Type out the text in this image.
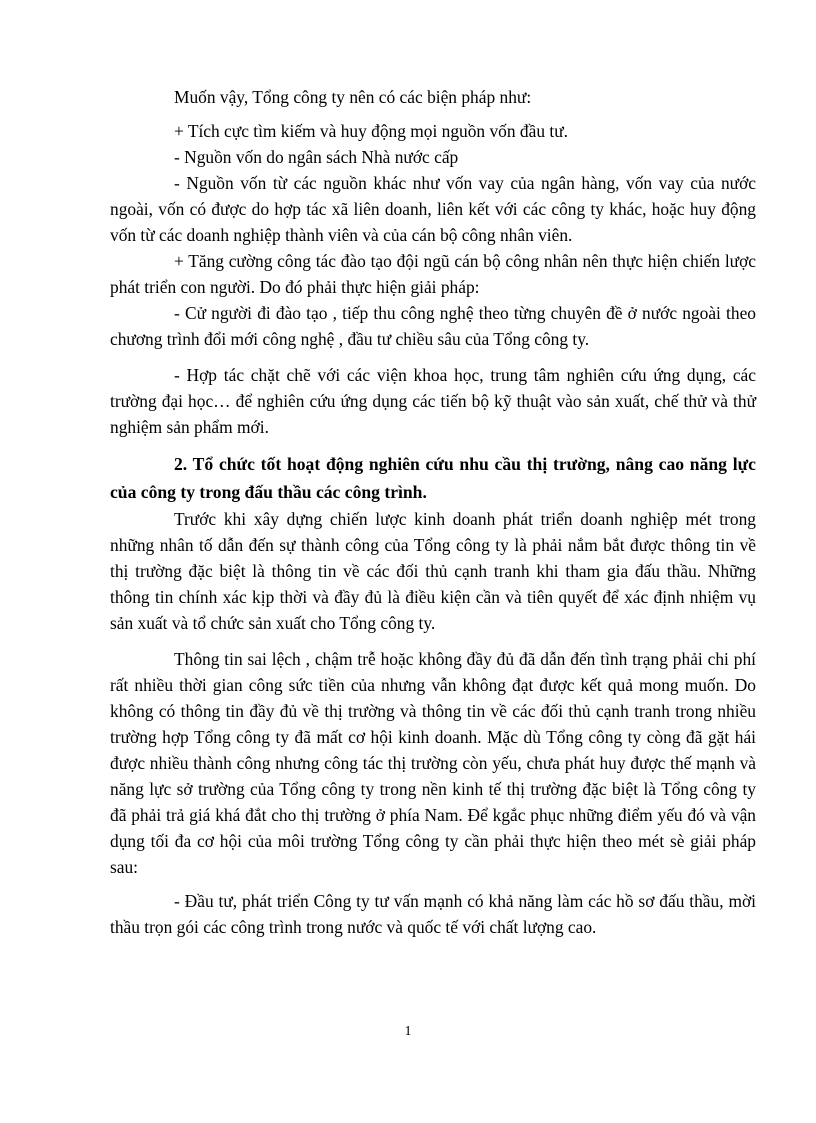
Muốn vậy, Tổng công ty nên có các biện pháp như:

+ Tích cực tìm kiếm và huy động mọi nguồn vốn đầu tư.

- Nguồn vốn do ngân sách Nhà nước cấp

- Nguồn vốn từ các nguồn khác như vốn vay của ngân hàng, vốn vay của nước ngoài, vốn có được do hợp tác xã liên doanh, liên kết với các công ty khác, hoặc huy động vốn từ các doanh nghiệp thành viên và của cán bộ công nhân viên.

+ Tăng cường công tác đào tạo đội ngũ cán bộ công nhân nên thực hiện chiến lược phát triển con người. Do đó phải thực hiện giải pháp:

- Cử người đi đào tạo , tiếp thu công nghệ theo từng chuyên đề ở nước ngoài theo chương trình đổi mới công nghệ , đầu tư chiều sâu của Tổng công ty.

- Hợp tác chặt chẽ với các viện khoa học, trung tâm nghiên cứu ứng dụng, các trường đại học… để nghiên cứu ứng dụng các tiến bộ kỹ thuật vào sản xuất, chế thử và thử nghiệm sản phẩm mới.

2. Tổ chức tốt hoạt động nghiên cứu nhu cầu thị trường, nâng cao năng lực của công ty trong đấu thầu các công trình.

Trước khi xây dựng chiến lược kinh doanh phát triển doanh nghiệp mét trong những nhân tố dẫn đến sự thành công của Tổng công ty là phải nắm bắt được thông tin về thị trường đặc biệt là thông tin về các đối thủ cạnh tranh khi tham gia đấu thầu. Những thông tin chính xác kịp thời và đầy đủ là điều kiện cần và tiên quyết để xác định nhiệm vụ sản xuất và tổ chức sản xuất cho Tổng công ty.

Thông tin sai lệch , chậm trễ hoặc không đầy đủ đã dẫn đến tình trạng phải chi phí rất nhiều thời gian công sức tiền của nhưng vẫn không đạt được kết quả mong muốn. Do không có thông tin đầy đủ về thị trường và thông tin về các đối thủ cạnh tranh trong nhiều trường hợp Tổng công ty đã mất cơ hội kinh doanh. Mặc dù Tổng công ty còng đã gặt hái được nhiều thành công nhưng công tác thị trường còn yếu, chưa phát huy được thế mạnh và năng lực sở trường của Tổng công ty trong nền kinh tế thị trường đặc biệt là Tổng công ty đã phải trả giá khá đắt cho thị trường ở phía Nam. Để kgắc phục những điểm yếu đó và vận dụng tối đa cơ hội của môi trường Tổng công ty cần phải thực hiện theo mét sè giải pháp sau:

- Đầu tư, phát triển Công ty tư vấn mạnh có khả năng làm các hồ sơ đấu thầu, mời thầu trọn gói các công trình trong nước và quốc tế với chất lượng cao.

1
